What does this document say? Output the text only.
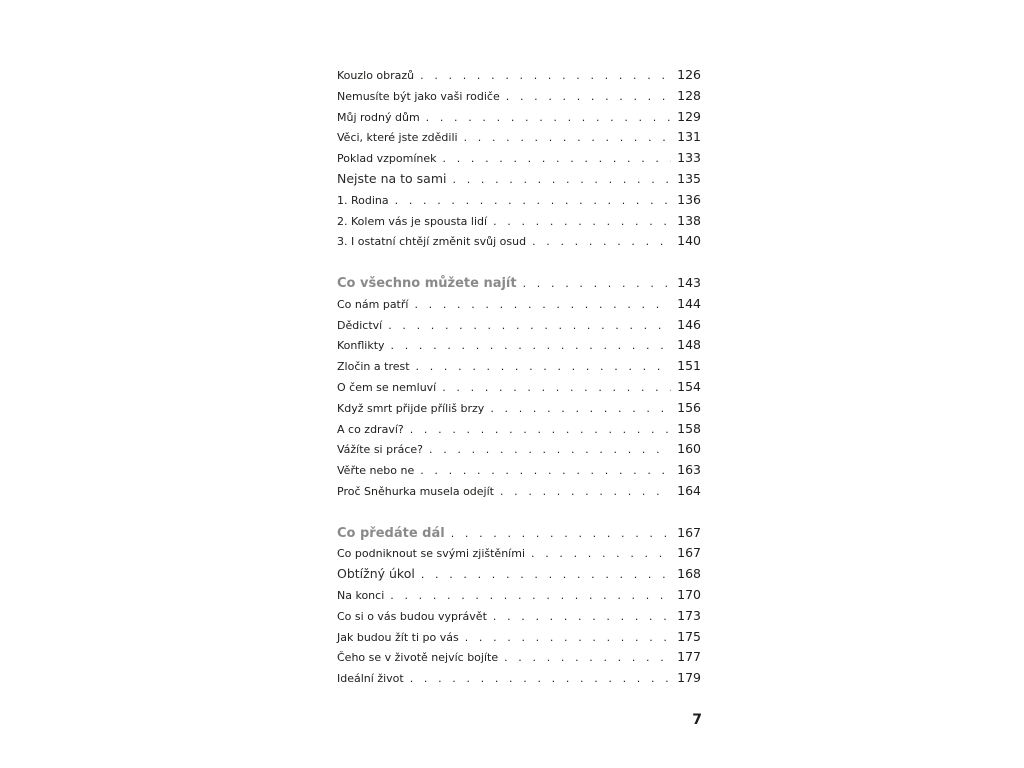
Kouzlo obrazů . . .	126
Nemusíte být jako vaši rodiče . . .	128
Můj rodný dům . . .	129
Věci, které jste zdědili . . .	131
Poklad vzpomínek . . .	133
Nejste na to sami . . .	135
1. Rodina . . .	136
2. Kolem vás je spousta lidí . . .	138
3. I ostatní chtějí změnit svůj osud . . .	140
Co všechno můžete najít . . .	143
Co nám patří . . .	144
Dědictví . . .	146
Konflikty . . .	148
Zločin a trest . . .	151
O čem se nemluví . . .	154
Když smrt přijde příliš brzy . . .	156
A co zdraví? . . .	158
Vážíte si práce? . . .	160
Věřte nebo ne . . .	163
Proč Sněhurka musela odejít . . .	164
Co předáte dál . . .	167
Co podniknout se svými zjištěními . . .	167
Obtížný úkol . . .	168
Na konci . . .	170
Co si o vás budou vyprávět . . .	173
Jak budou žít ti po vás . . .	175
Čeho se v životě nejvíc bojíte . . .	177
Ideální život . . .	179
7
